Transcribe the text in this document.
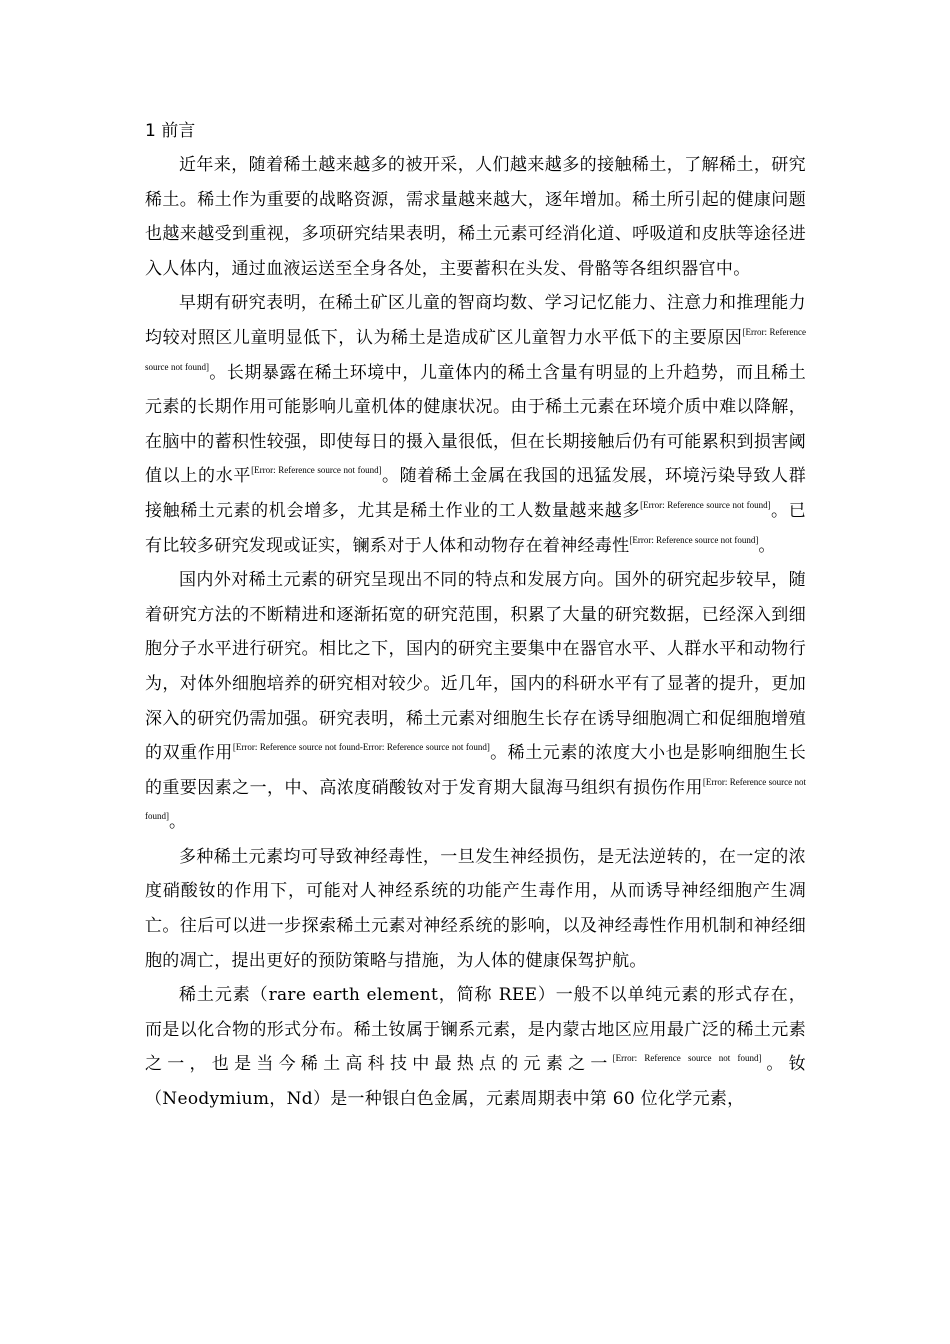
1 前言

近年来，随着稀土越来越多的被开采，人们越来越多的接触稀土，了解稀土，研究稀土。稀土作为重要的战略资源，需求量越来越大，逐年增加。稀土所引起的健康问题也越来越受到重视，多项研究结果表明，稀土元素可经消化道、呼吸道和皮肤等途径进入人体内，通过血液运送至全身各处，主要蓄积在头发、骨骼等各组织器官中。

早期有研究表明，在稀土矿区儿童的智商均数、学习记忆能力、注意力和推理能力均较对照区儿童明显低下，认为稀土是造成矿区儿童智力水平低下的主要原因[Error: Reference source not found]。长期暴露在稀土环境中，儿童体内的稀土含量有明显的上升趋势，而且稀土元素的长期作用可能影响儿童机体的健康状况。由于稀土元素在环境介质中难以降解，在脑中的蓄积性较强，即使每日的摄入量很低，但在长期接触后仍有可能累积到损害阈值以上的水平[Error: Reference source not found]。随着稀土金属在我国的迅猛发展，环境污染导致人群接触稀土元素的机会增多，尤其是稀土作业的工人数量越来越多[Error: Reference source not found]。已有比较多研究发现或证实，镧系对于人体和动物存在着神经毒性[Error: Reference source not found]。

国内外对稀土元素的研究呈现出不同的特点和发展方向。国外的研究起步较早，随着研究方法的不断精进和逐渐拓宽的研究范围，积累了大量的研究数据，已经深入到细胞分子水平进行研究。相比之下，国内的研究主要集中在器官水平、人群水平和动物行为，对体外细胞培养的研究相对较少。近几年，国内的科研水平有了显著的提升，更加深入的研究仍需加强。研究表明，稀土元素对细胞生长存在诱导细胞凋亡和促细胞增殖的双重作用[Error: Reference source not found-Error: Reference source not found]。稀土元素的浓度大小也是影响细胞生长的重要因素之一，中、高浓度硝酸钕对于发育期大鼠海马组织有损伤作用[Error: Reference source not found]。

多种稀土元素均可导致神经毒性，一旦发生神经损伤，是无法逆转的，在一定的浓度硝酸钕的作用下，可能对人神经系统的功能产生毒作用，从而诱导神经细胞产生凋亡。往后可以进一步探索稀土元素对神经系统的影响，以及神经毒性作用机制和神经细胞的凋亡，提出更好的预防策略与措施，为人体的健康保驾护航。

稀土元素（rare earth element，简称 REE）一般不以单纯元素的形式存在，而是以化合物的形式分布。稀土钕属于镧系元素，是内蒙古地区应用最广泛的稀土元素之一，也是当今稀土高科技中最热点的元素之一[Error: Reference source not found]。钕（Neodymium，Nd）是一种银白色金属，元素周期表中第 60 位化学元素，
